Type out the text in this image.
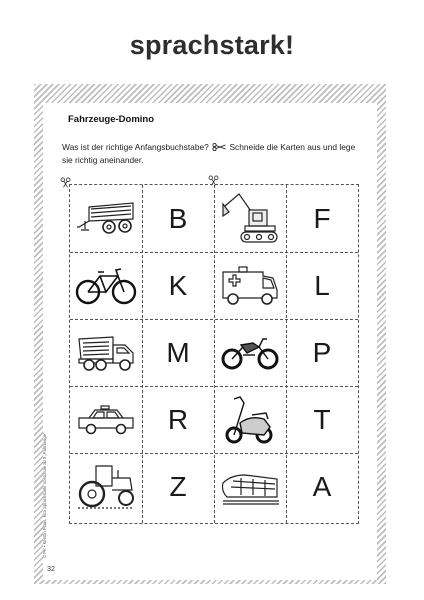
sprachstark!
Fahrzeuge-Domino
Was ist der richtige Anfangsbuchstabe? Schneide die Karten aus und lege sie richtig aneinander.
© PK • Kerstin Plaas, Kita Sprachstark! Vorschule ab 5 „Fahrzeuge“
32
B	F
K	L
M	P
R	T
Z	A
